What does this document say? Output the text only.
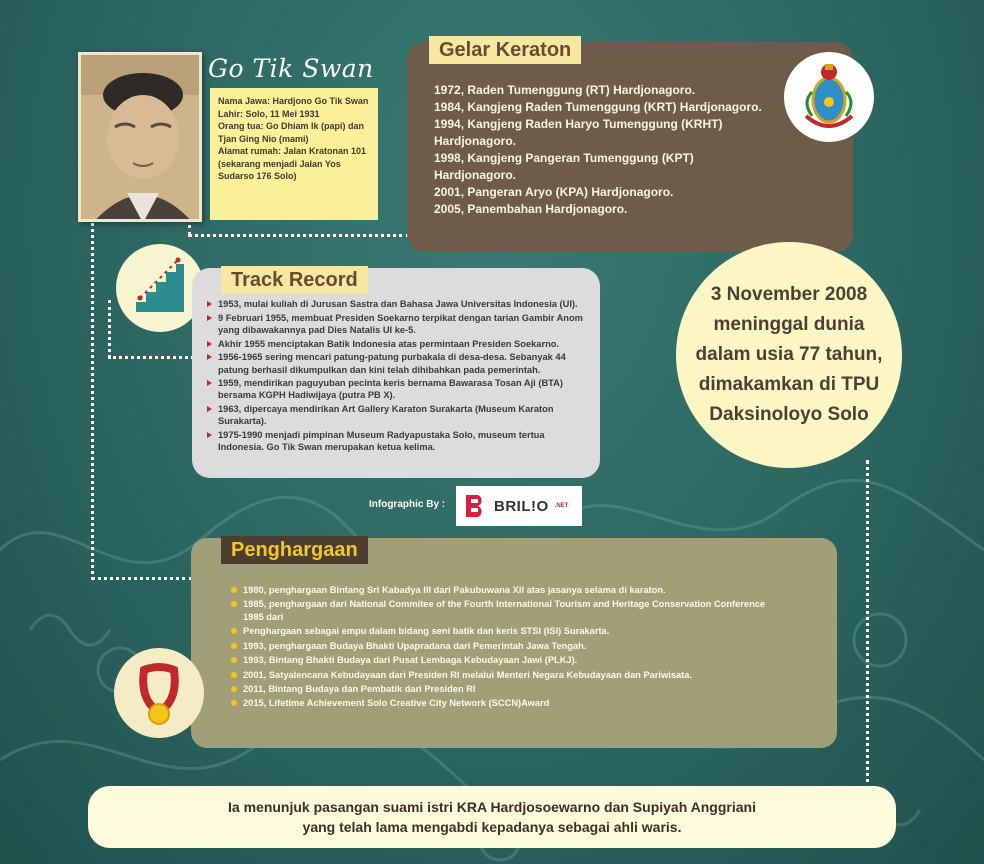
Go Tik Swan
Nama Jawa: Hardjono Go Tik Swan
Lahir: Solo, 11 Mei 1931
Orang tua: Go Dhiam Ik (papi) dan Tjan Ging Nio (mami)
Alamat rumah: Jalan Kratonan 101 (sekarang menjadi Jalan Yos Sudarso 176 Solo)
1972, Raden Tumenggung (RT) Hardjonagoro.
1984, Kangjeng Raden Tumenggung (KRT) Hardjonagoro.
1994, Kangjeng Raden Haryo Tumenggung (KRHT) Hardjonagoro.
1998, Kangjeng Pangeran Tumenggung (KPT) Hardjonagoro.
2001, Pangeran Aryo (KPA) Hardjonagoro.
2005, Panembahan Hardjonagoro.
Gelar Keraton
1953, mulai kuliah di Jurusan Sastra dan Bahasa Jawa Universitas Indonesia (UI).
9 Februari 1955, membuat Presiden Soekarno terpikat dengan tarian Gambir Anom yang dibawakannya pad Dies Natalis UI ke-5.
Akhir 1955 menciptakan Batik Indonesia atas permintaan Presiden Soekarno.
1956-1965 sering mencari patung-patung purbakala di desa-desa. Sebanyak 44 patung berhasil dikumpulkan dan kini telah dihibahkan pada pemerintah.
1959, mendirikan paguyuban pecinta keris bernama Bawarasa Tosan Aji (BTA) bersama KGPH Hadiwijaya (putra PB X).
1963, dipercaya mendirikan Art Gallery Karaton Surakarta (Museum Karaton Surakarta).
1975-1990 menjadi pimpinan Museum Radyapustaka Solo, museum tertua Indonesia. Go Tik Swan merupakan ketua kelima.
Track Record
3 November 2008
meninggal dunia
dalam usia 77 tahun,
dimakamkan di TPU
Daksinoloyo Solo
Infographic By :	BRIL!O .NET
1980, penghargaan Bintang Sri Kabadya III dari Pakubuwana XII atas jasanya selama di karaton.
1985, penghargaan dari National Commitee of the Fourth International Tourism and Heritage Conservation Conference 1985 dari
Penghargaan sebagai empu dalam bidang seni batik dan keris STSI (ISI) Surakarta.
1993, penghargaan Budaya Bhakti Upapradana dari Pemerintah Jawa Tengah.
1993, Bintang Bhakti Budaya dari Pusat Lembaga Kebudayaan Jawi (PLKJ).
2001, Satyalencana Kebudayaan dari Presiden RI melalui Menteri Negara Kebudayaan dan Pariwisata.
2011, Bintang Budaya dan Pembatik dari Presiden RI
2015, Lifetime Achievement Solo Creative City Network (SCCN)Award
Penghargaan
Ia menunjuk pasangan suami istri KRA Hardjosoewarno dan Supiyah Anggriani
yang telah lama mengabdi kepadanya sebagai ahli waris.
